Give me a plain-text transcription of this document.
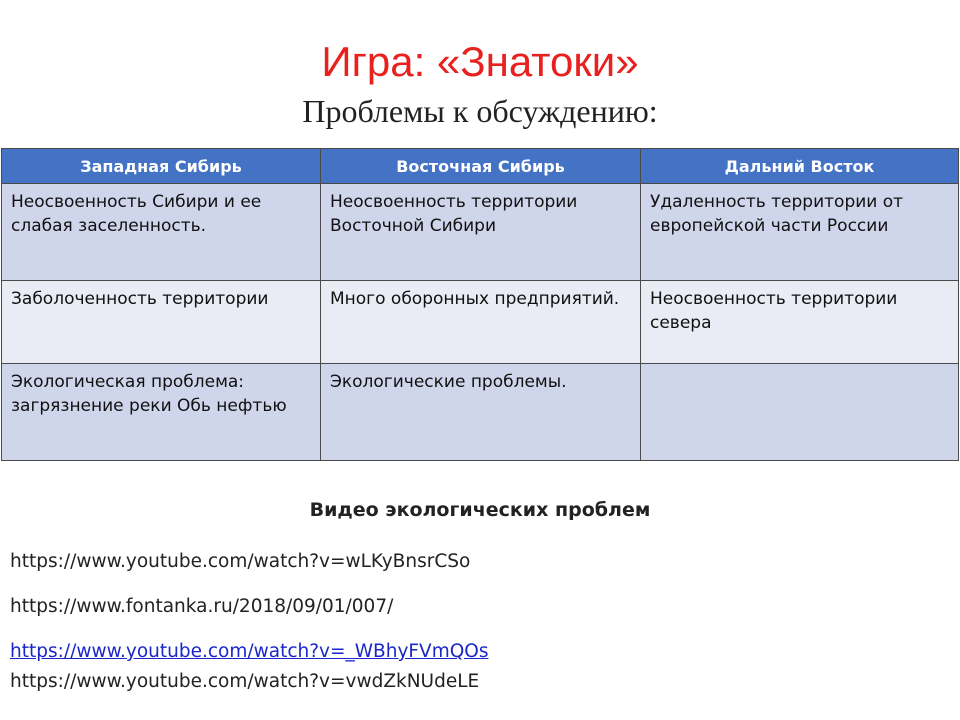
Игра: «Знатоки»
Проблемы к обсуждению:
Западная Сибирь	Восточная Сибирь	Дальний Восток
Неосвоенность Сибири и ее слабая заселенность.	Неосвоенность территории Восточной Сибири	Удаленность территории от европейской части России
Заболоченность территории	Много оборонных предприятий.	Неосвоенность территории севера
Экологическая проблема: загрязнение реки Обь нефтью	Экологические проблемы.	
Видео экологических проблем
https://www.youtube.com/watch?v=wLKyBnsrCSo
https://www.fontanka.ru/2018/09/01/007/
https://www.youtube.com/watch?v=_WBhyFVmQOs
https://www.youtube.com/watch?v=vwdZkNUdeLE
